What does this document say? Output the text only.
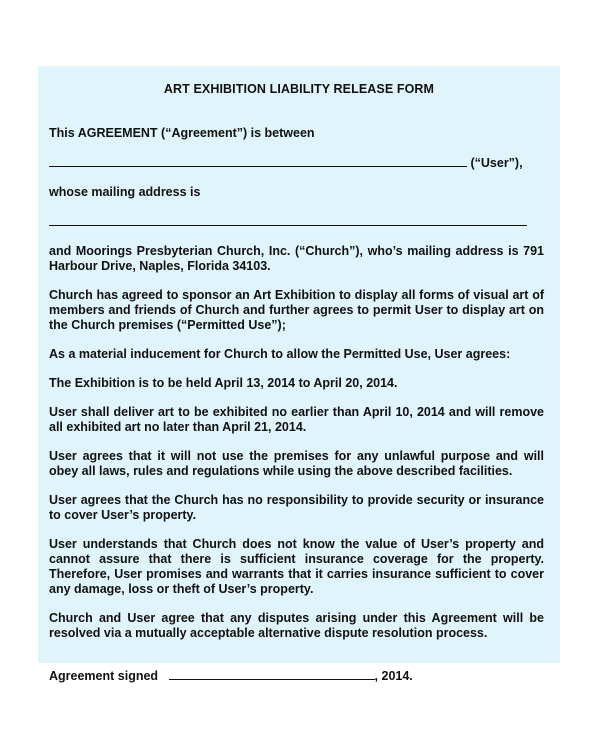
ART EXHIBITION LIABILITY RELEASE FORM
This AGREEMENT (“Agreement”) is between
(“User”),
whose mailing address is
and Moorings Presbyterian Church, Inc. (“Church”), who’s mailing address is 791 Harbour Drive, Naples, Florida 34103.
Church has agreed to sponsor an Art Exhibition to display all forms of visual art of members and friends of Church and further agrees to permit User to display art on the Church premises (“Permitted Use”);
As a material inducement for Church to allow the Permitted Use, User agrees:
The Exhibition is to be held April 13, 2014 to April 20, 2014.
User shall deliver art to be exhibited no earlier than April 10, 2014 and will remove all exhibited art no later than April 21, 2014.
User agrees that it will not use the premises for any unlawful purpose and will obey all laws, rules and regulations while using the above described facilities.
User agrees that the Church has no responsibility to provide security or insurance to cover User’s property.
User understands that Church does not know the value of User’s property and cannot assure that there is sufficient insurance coverage for the property. Therefore, User promises and warrants that it carries insurance sufficient to cover any damage, loss or theft of User’s property.
Church and User agree that any disputes arising under this Agreement will be resolved via a mutually acceptable alternative dispute resolution process.
Agreement signed	, 2014.
